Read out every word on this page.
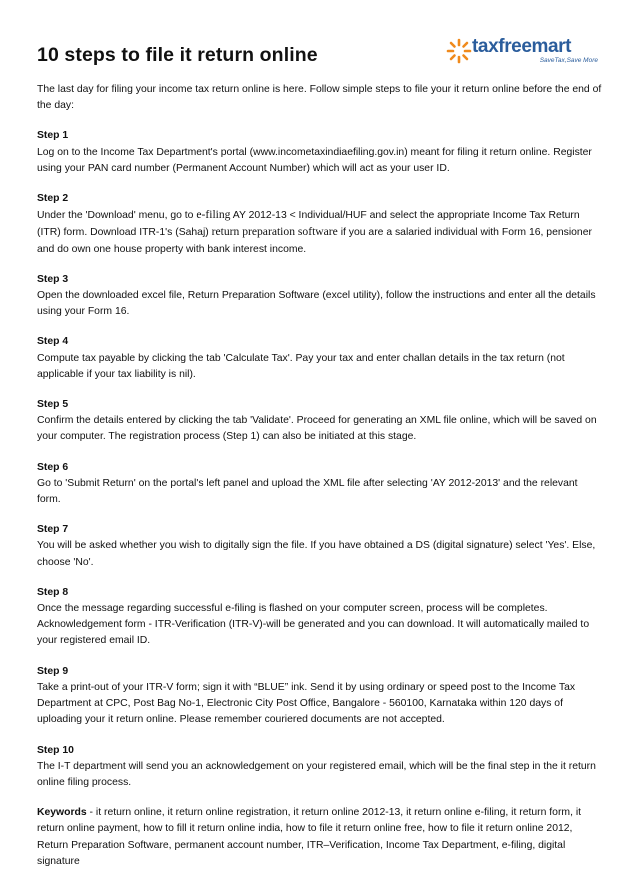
10 steps to file it return online	taxfreemart
SaveTax,Save More

The last day for filing your income tax return online is here. Follow simple steps to file your it return online before the end of the day:

Step 1
Log on to the Income Tax Department's portal (www.incometaxindiaefiling.gov.in) meant for filing it return online. Register using your PAN card number (Permanent Account Number) which will act as your user ID.
Step 2
Under the 'Download' menu, go to e-filing AY 2012-13 < Individual/HUF and select the appropriate Income Tax Return (ITR) form. Download ITR-1's (Sahaj) return preparation software if you are a salaried individual with Form 16, pensioner and do own one house property with bank interest income.
Step 3
Open the downloaded excel file, Return Preparation Software (excel utility), follow the instructions and enter all the details using your Form 16.
Step 4
Compute tax payable by clicking the tab 'Calculate Tax'. Pay your tax and enter challan details in the tax return (not applicable if your tax liability is nil).
Step 5
Confirm the details entered by clicking the tab 'Validate'. Proceed for generating an XML file online, which will be saved on your computer. The registration process (Step 1) can also be initiated at this stage.
Step 6
Go to 'Submit Return' on the portal's left panel and upload the XML file after selecting 'AY 2012-2013' and the relevant form.
Step 7
You will be asked whether you wish to digitally sign the file. If you have obtained a DS (digital signature) select 'Yes'. Else, choose 'No'.
Step 8
Once the message regarding successful e-filing is flashed on your computer screen, process will be completes. Acknowledgement form - ITR-Verification (ITR-V)-will be generated and you can download. It will automatically mailed to your registered email ID.
Step 9
Take a print-out of your ITR-V form; sign it with “BLUE” ink. Send it by using ordinary or speed post to the Income Tax Department at CPC, Post Bag No-1, Electronic City Post Office, Bangalore - 560100, Karnataka within 120 days of uploading your it return online. Please remember couriered documents are not accepted.
Step 10
The I-T department will send you an acknowledgement on your registered email, which will be the final step in the it return online filing process.

Keywords - it return online, it return online registration, it return online 2012-13, it return online e-filing, it return form, it return online payment, how to fill it return online india, how to file it return online free, how to file it return online 2012, Return Preparation Software, permanent account number, ITR–Verification, Income Tax Department, e-filing, digital signature
